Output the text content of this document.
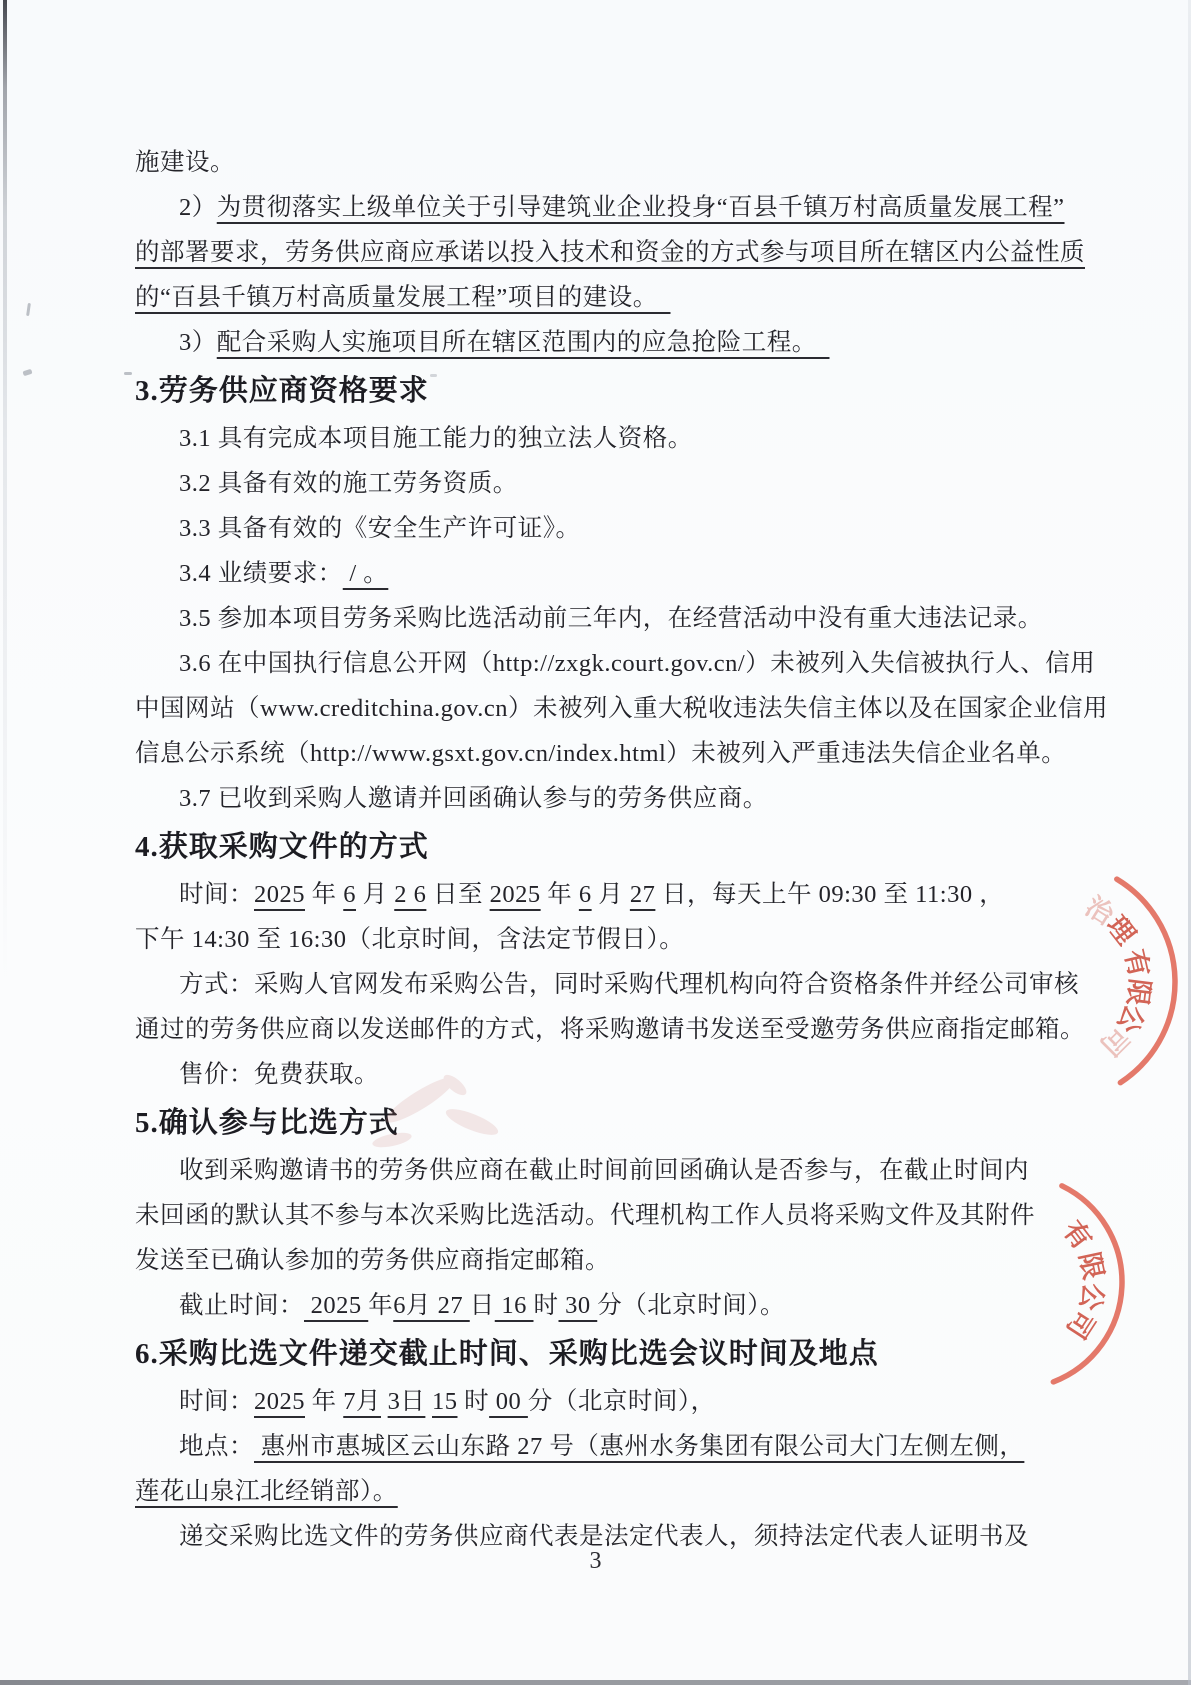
施建设。
2）为贯彻落实上级单位关于引导建筑业企业投身“百县千镇万村高质量发展工程”
的部署要求，劳务供应商应承诺以投入技术和资金的方式参与项目所在辖区内公益性质
的“百县千镇万村高质量发展工程”项目的建设。　
3）配合采购人实施项目所在辖区范围内的应急抢险工程。　
3.劳务供应商资格要求
3.1 具有完成本项目施工能力的独立法人资格。
3.2 具备有效的施工劳务资质。
3.3 具备有效的《安全生产许可证》。
3.4 业绩要求： / 。
3.5 参加本项目劳务采购比选活动前三年内，在经营活动中没有重大违法记录。
3.6 在中国执行信息公开网（http://zxgk.court.gov.cn/）未被列入失信被执行人、信用
中国网站（www.creditchina.gov.cn）未被列入重大税收违法失信主体以及在国家企业信用
信息公示系统（http://www.gsxt.gov.cn/index.html）未被列入严重违法失信企业名单。
3.7 已收到采购人邀请并回函确认参与的劳务供应商。
4.获取采购文件的方式
时间：2025 年 6 月 2 6 日至 2025 年 6 月 27 日，每天上午 09:30 至 11:30 ，
下午 14:30 至 16:30（北京时间，含法定节假日）。
方式：采购人官网发布采购公告，同时采购代理机构向符合资格条件并经公司审核
通过的劳务供应商以发送邮件的方式，将采购邀请书发送至受邀劳务供应商指定邮箱。
售价：免费获取。
5.确认参与比选方式
收到采购邀请书的劳务供应商在截止时间前回函确认是否参与，在截止时间内
未回函的默认其不参与本次采购比选活动。代理机构工作人员将采购文件及其附件
发送至已确认参加的劳务供应商指定邮箱。
截止时间： 2025 年6月 27 日 16 时 30 分（北京时间）。
6.采购比选文件递交截止时间、采购比选会议时间及地点
时间：2025 年 7月 3日 15 时 00 分（北京时间），
地点： 惠州市惠城区云山东路 27 号（惠州水务集团有限公司大门左侧左侧，
莲花山泉江北经销部）。
递交采购比选文件的劳务供应商代表是法定代表人，须持法定代表人证明书及
3
治
理
有
限
公
司
有
限
公
司
